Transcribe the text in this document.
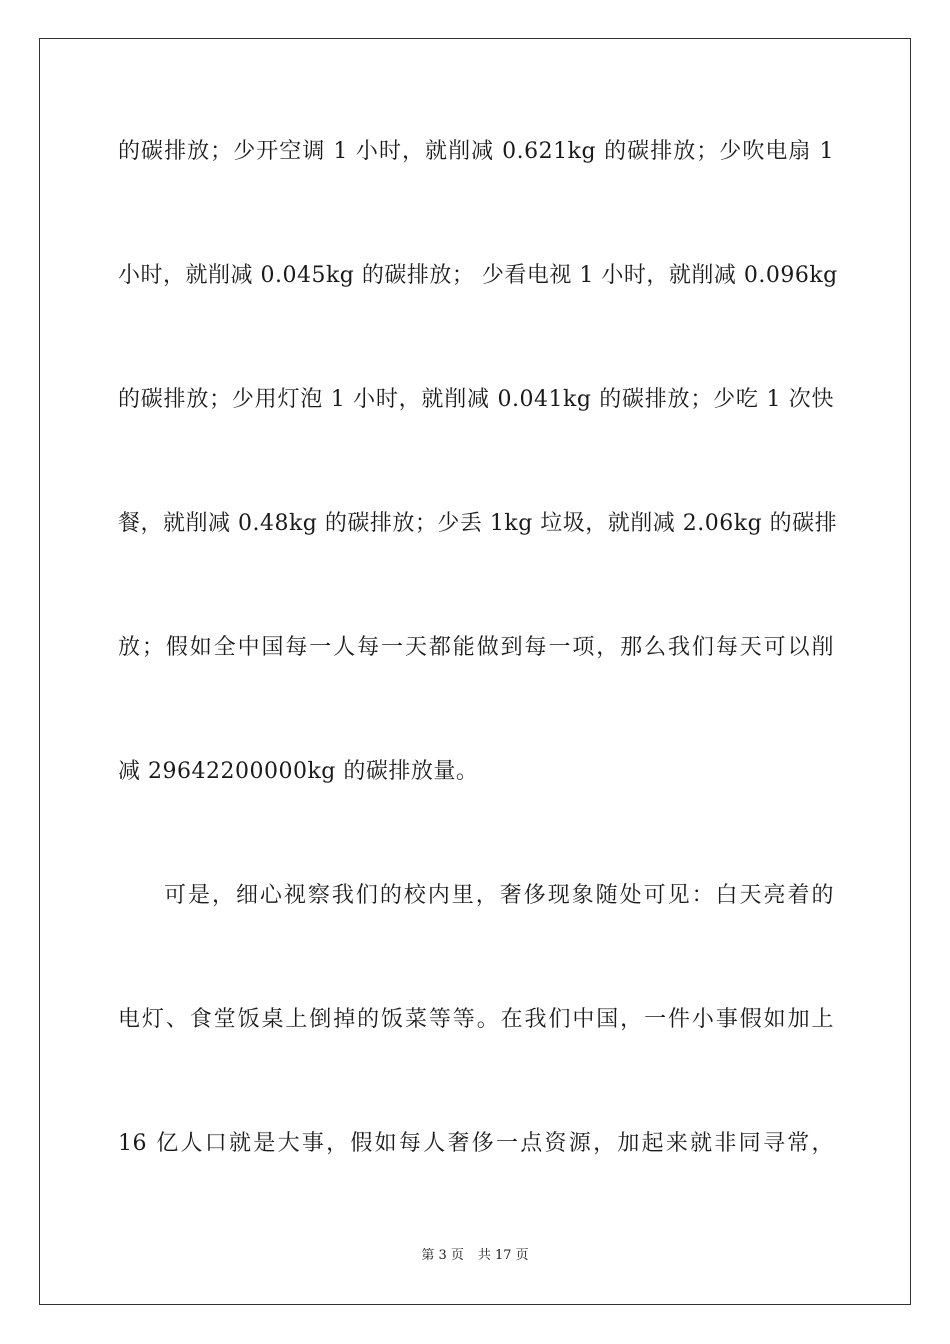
的碳排放；少开空调 1 小时，就削减 0.621kg 的碳排放；少吹电扇 1
小时，就削减 0.045kg 的碳排放； 少看电视 1 小时，就削减 0.096kg
的碳排放；少用灯泡 1 小时，就削减 0.041kg 的碳排放；少吃 1 次快
餐，就削减 0.48kg 的碳排放；少丢 1kg 垃圾，就削减 2.06kg 的碳排
放；假如全中国每一人每一天都能做到每一项，那么我们每天可以削
减 29642200000kg 的碳排放量。
可是，细心视察我们的校内里，奢侈现象随处可见：白天亮着的
电灯、食堂饭桌上倒掉的饭菜等等。在我们中国，一件小事假如加上
16 亿人口就是大事，假如每人奢侈一点资源，加起来就非同寻常，
第 3 页 共 17 页
